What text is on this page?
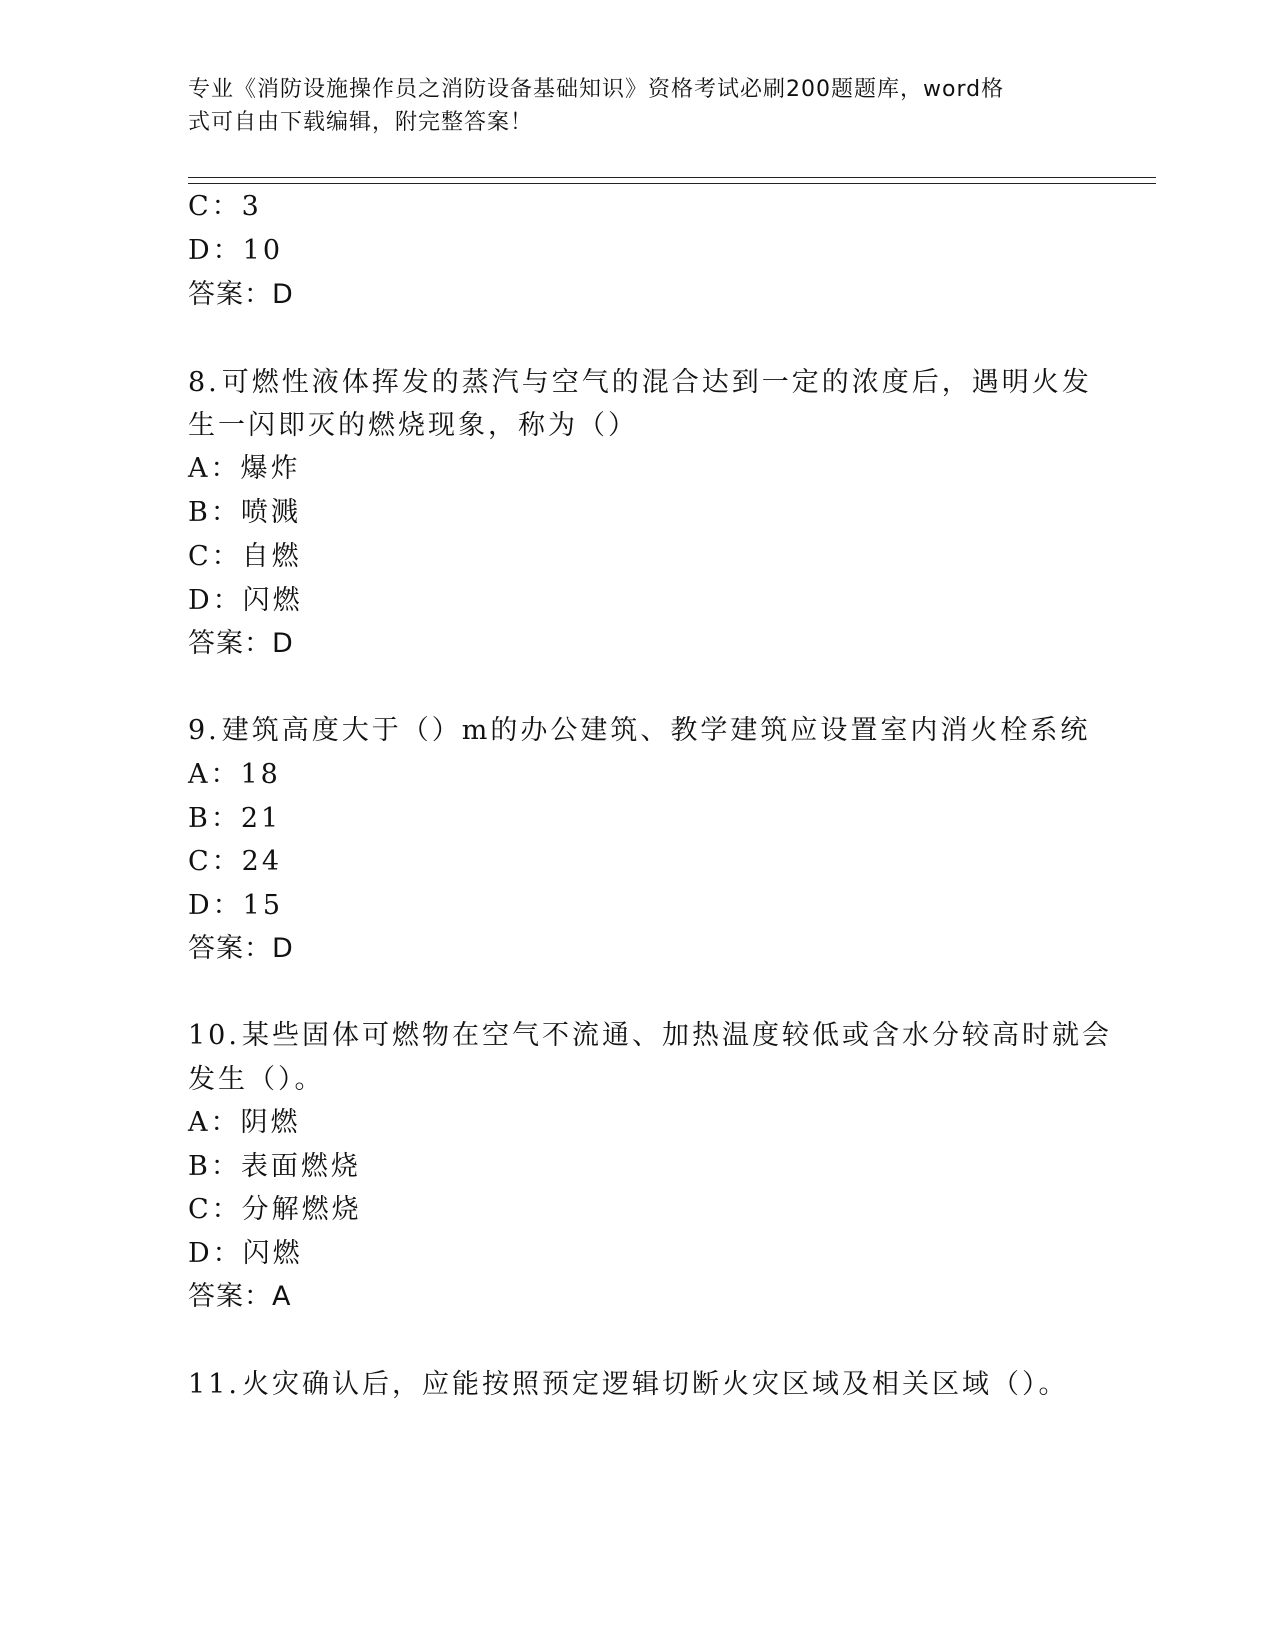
专业《消防设施操作员之消防设备基础知识》资格考试必刷200题题库，word格
式可自由下载编辑，附完整答案！
C：3
D：10
答案：D
8.可燃性液体挥发的蒸汽与空气的混合达到一定的浓度后，遇明火发
生一闪即灭的燃烧现象，称为（）
A：爆炸
B：喷溅
C：自燃
D：闪燃
答案：D
9.建筑高度大于（）m的办公建筑、教学建筑应设置室内消火栓系统
A：18
B：21
C：24
D：15
答案：D
10.某些固体可燃物在空气不流通、加热温度较低或含水分较高时就会
发生（）。
A：阴燃
B：表面燃烧
C：分解燃烧
D：闪燃
答案：A
11.火灾确认后，应能按照预定逻辑切断火灾区域及相关区域（）。
